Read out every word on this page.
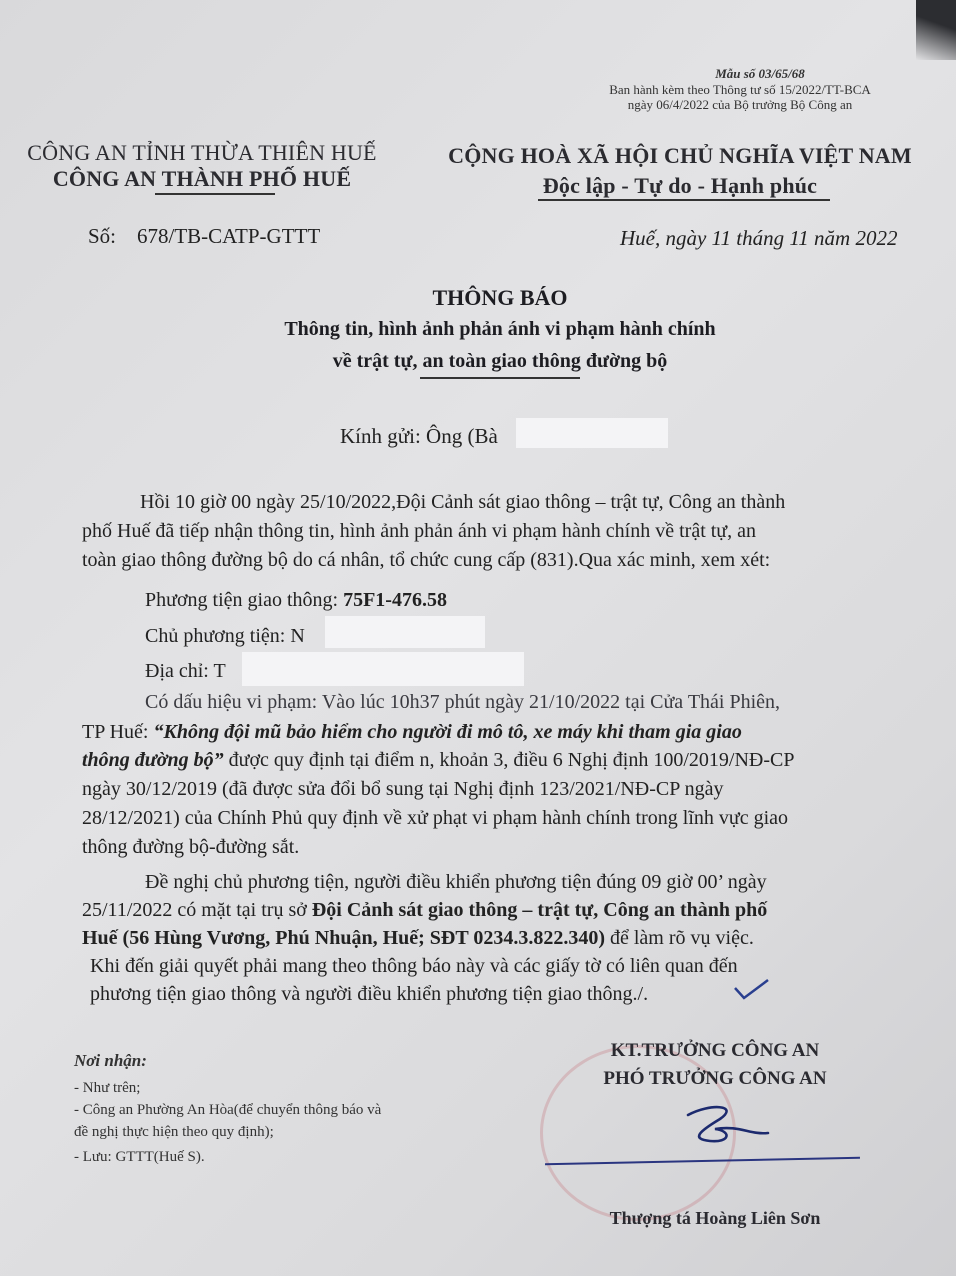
Mẫu số 03/65/68
Ban hành kèm theo Thông tư số 15/2022/TT-BCA
ngày 06/4/2022 của Bộ trưởng Bộ Công an
CÔNG AN TỈNH THỪA THIÊN HUẾ
CÔNG AN THÀNH PHỐ HUẾ
CỘNG HOÀ XÃ HỘI CHỦ NGHĨA VIỆT NAM
Độc lập - Tự do - Hạnh phúc
Số: 678/TB-CATP-GTTT	Huế, ngày 11 tháng 11 năm 2022
THÔNG BÁO
Thông tin, hình ảnh phản ánh vi phạm hành chính
về trật tự, an toàn giao thông đường bộ
Kính gửi: Ông (Bà
Hồi 10 giờ 00 ngày 25/10/2022,Đội Cảnh sát giao thông – trật tự, Công an thành
phố Huế đã tiếp nhận thông tin, hình ảnh phản ánh vi phạm hành chính về trật tự, an
toàn giao thông đường bộ do cá nhân, tổ chức cung cấp (831).Qua xác minh, xem xét:
Phương tiện giao thông: 75F1-476.58
Chủ phương tiện: N
Địa chỉ: T
Có dấu hiệu vi phạm: Vào lúc 10h37 phút ngày 21/10/2022 tại Cửa Thái Phiên,
TP Huế: “Không đội mũ bảo hiểm cho người đi mô tô, xe máy khi tham gia giao
thông đường bộ” được quy định tại điểm n, khoản 3, điều 6 Nghị định 100/2019/NĐ-CP
ngày 30/12/2019 (đã được sửa đổi bổ sung tại Nghị định 123/2021/NĐ-CP ngày
28/12/2021) của Chính Phủ quy định về xử phạt vi phạm hành chính trong lĩnh vực giao
thông đường bộ-đường sắt.
Đề nghị chủ phương tiện, người điều khiển phương tiện đúng 09 giờ 00’ ngày
25/11/2022 có mặt tại trụ sở Đội Cảnh sát giao thông – trật tự, Công an thành phố
Huế (56 Hùng Vương, Phú Nhuận, Huế; SĐT 0234.3.822.340) để làm rõ vụ việc.
Khi đến giải quyết phải mang theo thông báo này và các giấy tờ có liên quan đến
phương tiện giao thông và người điều khiển phương tiện giao thông./.
Nơi nhận:
- Như trên;
- Công an Phường An Hòa(để chuyển thông báo và
đề nghị thực hiện theo quy định);
- Lưu: GTTT(Huế S).
KT.TRƯỞNG CÔNG AN
PHÓ TRƯỞNG CÔNG AN
Thượng tá Hoàng Liên Sơn
